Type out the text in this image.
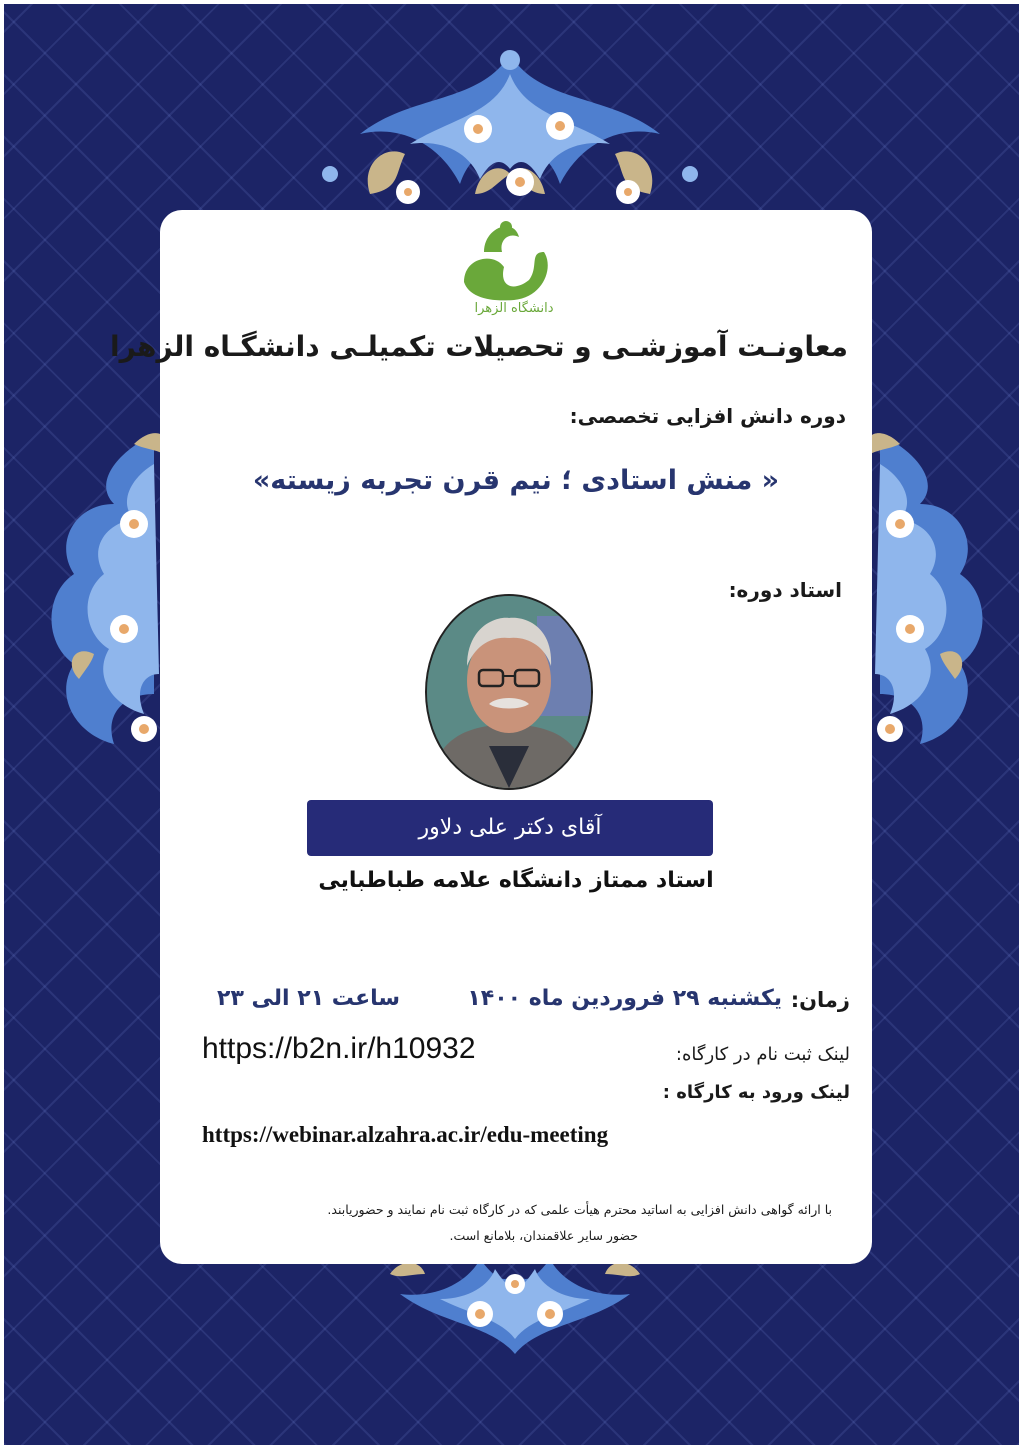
دانشگاه الزهرا
معاونـت آموزشـی و تحصیلات تکمیلـی دانشگـاه الزهرا
دوره دانش افزایی تخصصی:
« منش استادی ؛ نیم قرن تجربه زیسته»
استاد دوره:
آقای دکتر علی دلاور
استاد ممتاز دانشگاه علامه طباطبایی
زمان:
یکشنبه ۲۹ فروردین ماه ۱۴۰۰
ساعت ۲۱ الی ۲۳
لینک ثبت نام در کارگاه:
https://b2n.ir/h10932
لینک ورود به کارگاه :
https://webinar.alzahra.ac.ir/edu-meeting
با ارائه گواهی دانش افزایی به اساتید محترم هیأت علمی که در کارگاه ثبت نام نمایند و حضوریابند.
حضور سایر علاقمندان، بلامانع است.
